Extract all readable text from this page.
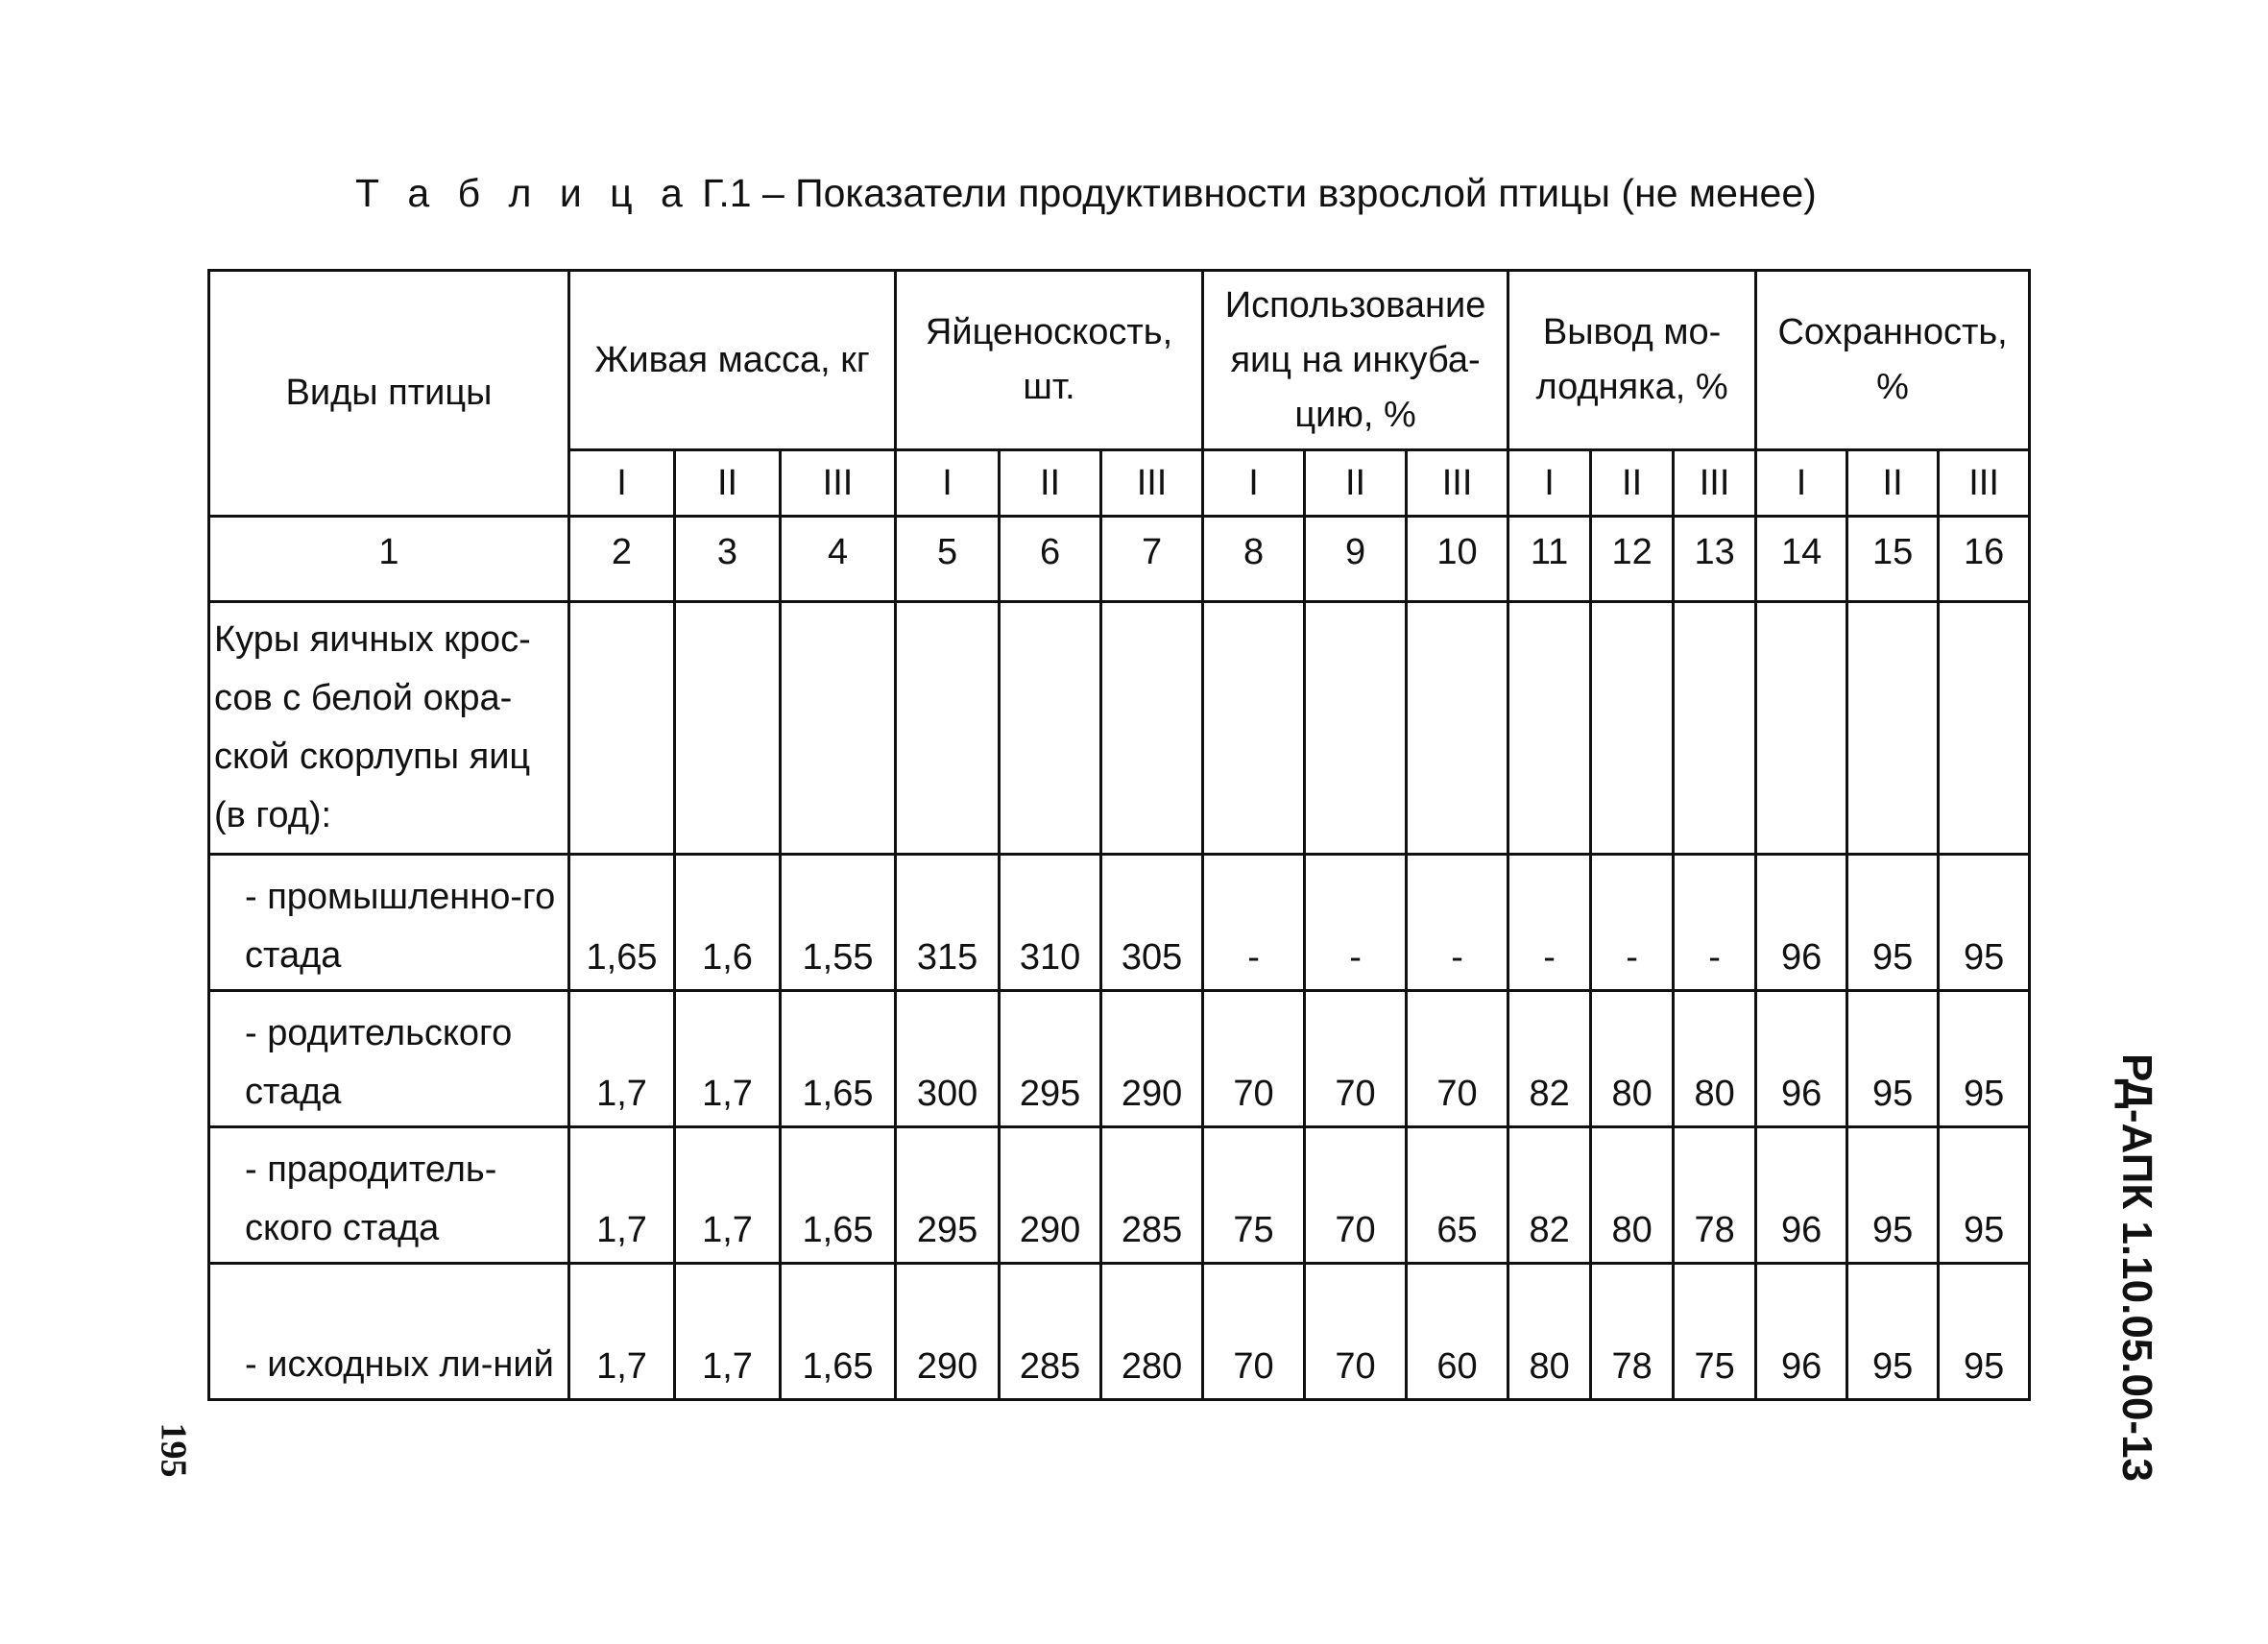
Т а б л и ц а Г.1 – Показатели продуктивности взрослой птицы (не менее)
Виды птицы	Живая масса, кг			Яйценоскость, шт.			Использование яиц на инкуба-цию, %			Вывод мо-лодняка, %			Сохранность, %		
	I	II	III	I	II	III	I	II	III	I	II	III	I	II	III
1	2	3	4	5	6	7	8	9	10	11	12	13	14	15	16
Куры яичных крос-сов с белой окра-ской скорлупы яиц (в год):															
- промышленно-го стада	1,65	1,6	1,55	315	310	305	-	-	-	-	-	-	96	95	95
- родительского стада	1,7	1,7	1,65	300	295	290	70	70	70	82	80	80	96	95	95
- прародитель-ского стада	1,7	1,7	1,65	295	290	285	75	70	65	82	80	78	96	95	95
- исходных ли-ний	1,7	1,7	1,65	290	285	280	70	70	60	80	78	75	96	95	95	РД-АПК 1.10.05.00-13
195
